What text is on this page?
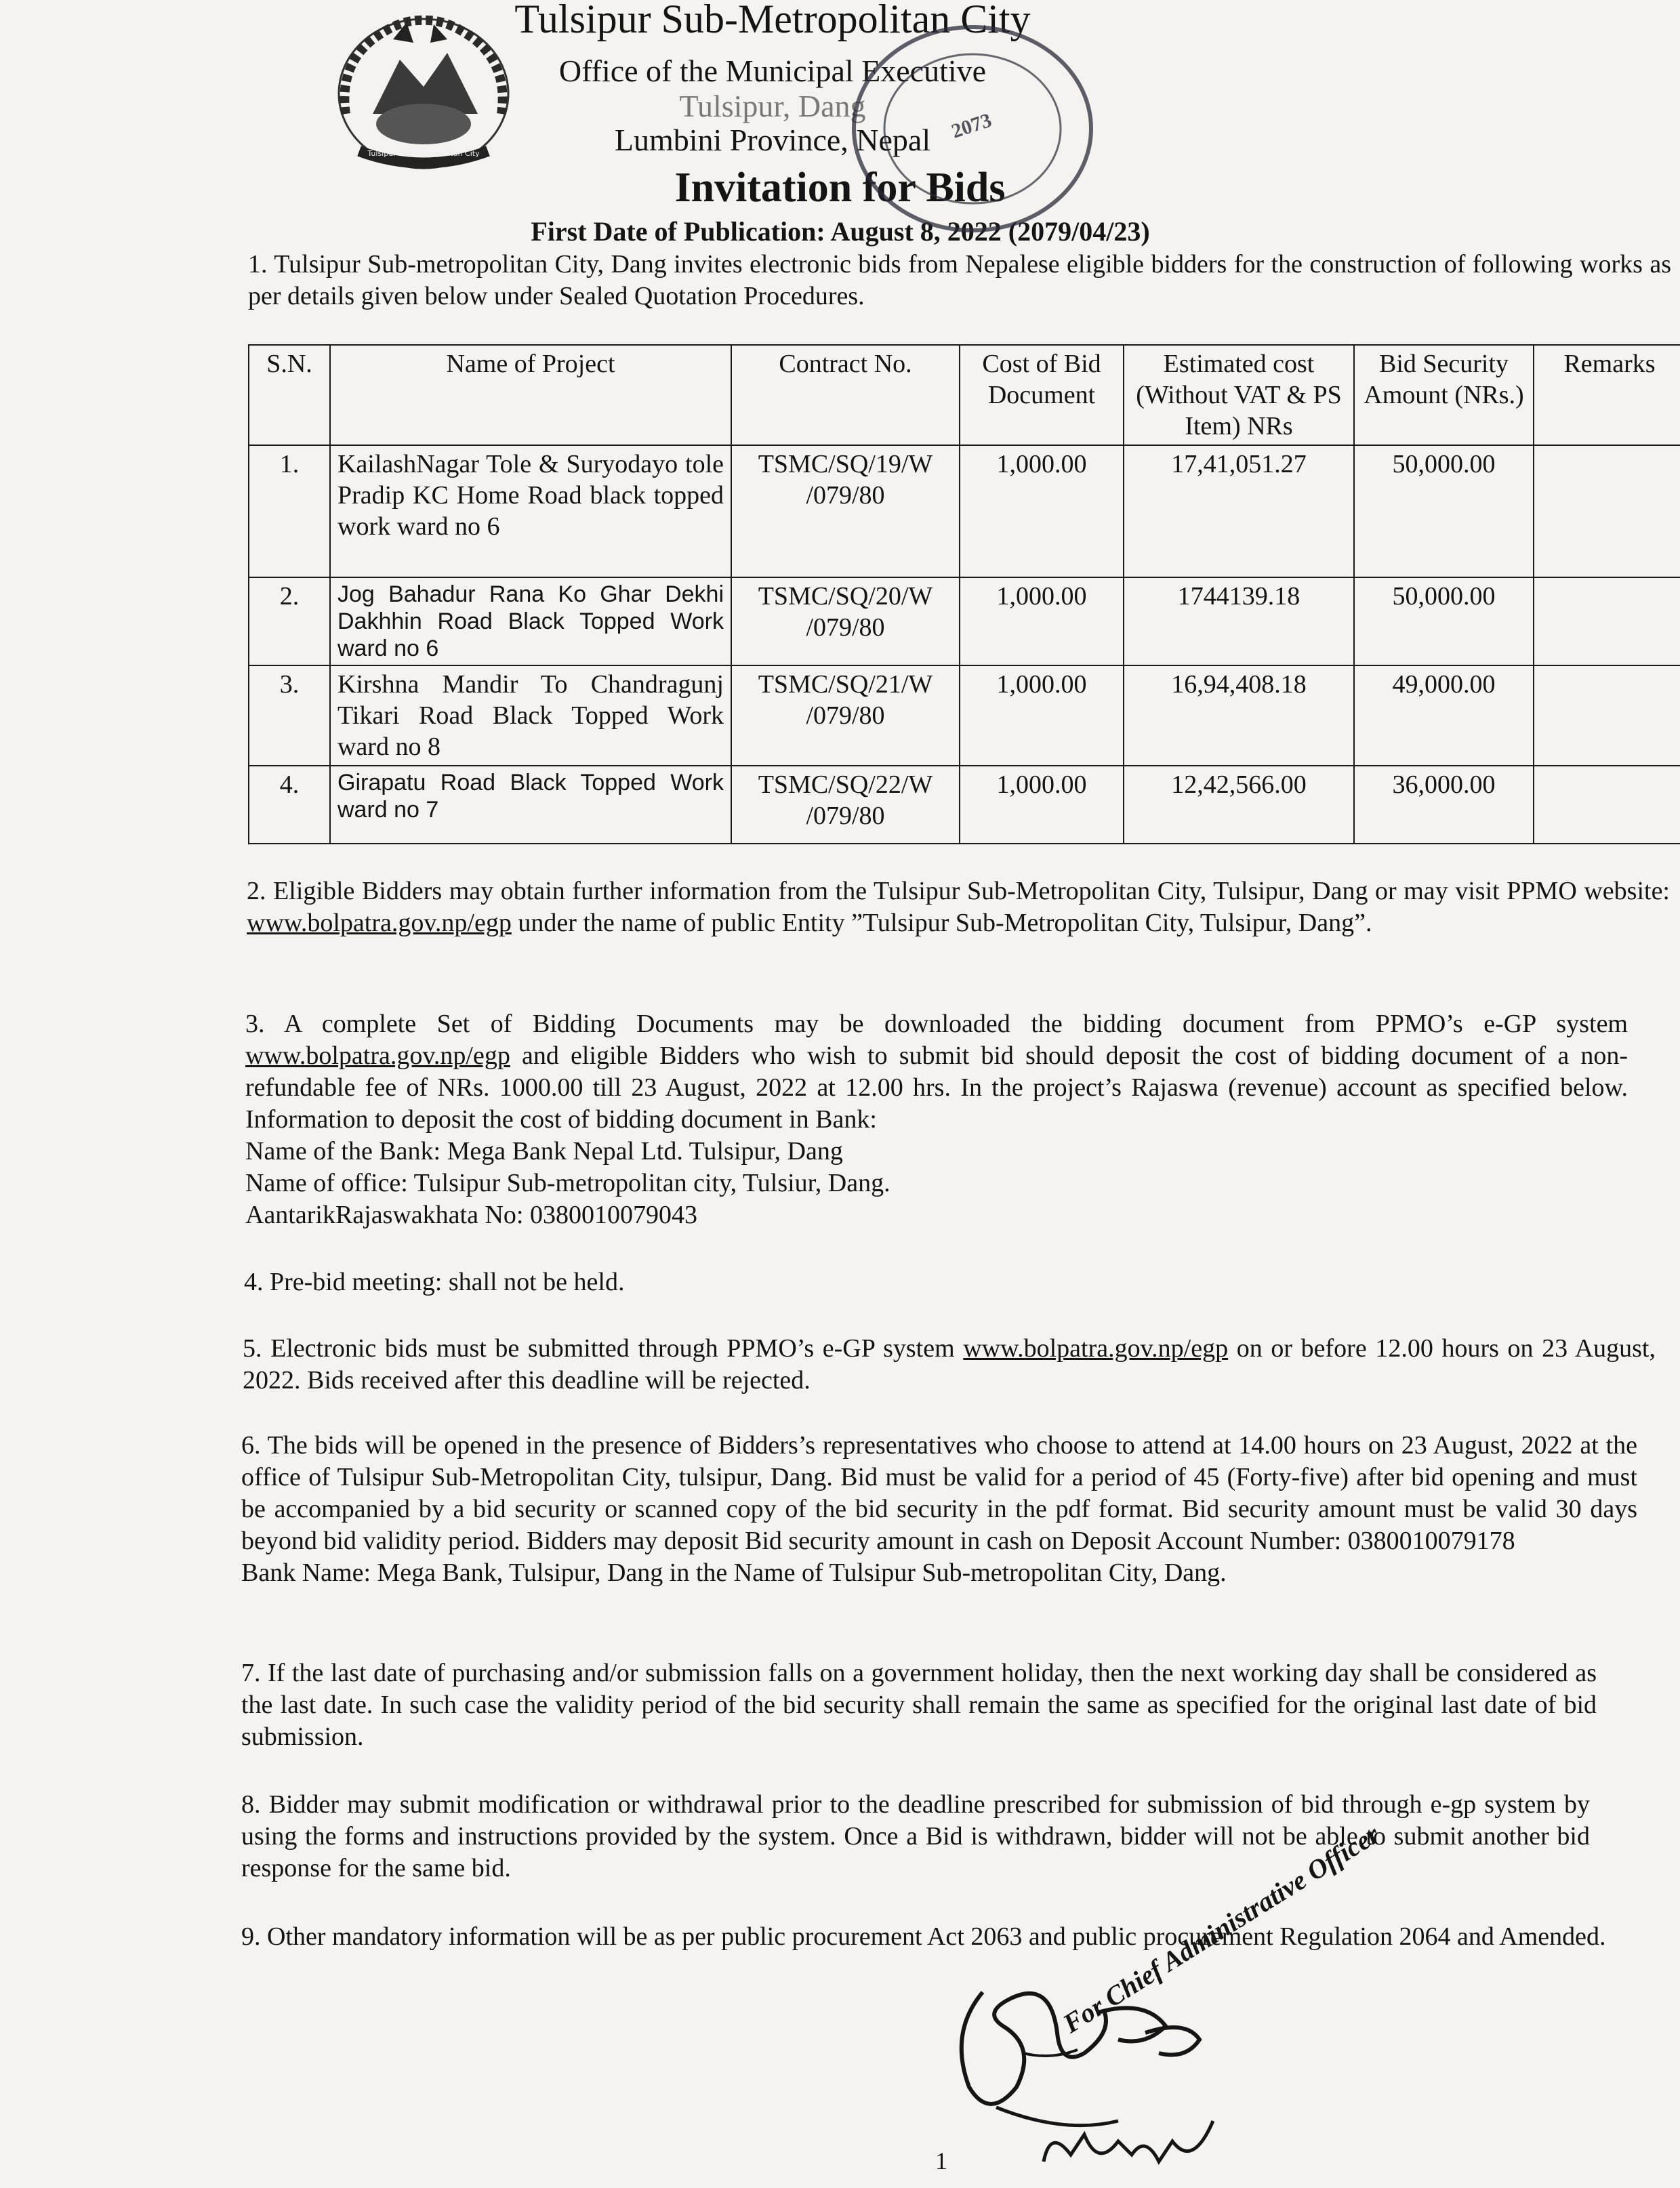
Tulsipur Sub-Metropolitan City
Tulsipur Sub-Metropolitan City
Office of the Municipal Executive
Tulsipur, Dang
Lumbini Province, Nepal
Invitation for Bids
First Date of Publication: August 8, 2022 (2079/04/23)
2073
1. Tulsipur Sub-metropolitan City, Dang invites electronic bids from Nepalese eligible bidders for the construction of following works as per details given below under Sealed Quotation Procedures.
S.N.	Name of Project	Contract No.	Cost of Bid Document	Estimated cost (Without VAT & PS Item) NRs	Bid Security Amount (NRs.)	Remarks
1.	KailashNagar Tole & Suryodayo tole Pradip KC Home Road black topped work ward no 6	TSMC/SQ/19/W /079/80	1,000.00	17,41,051.27	50,000.00	
2.	Jog Bahadur Rana Ko Ghar Dekhi Dakhhin Road Black Topped Work ward no 6	TSMC/SQ/20/W /079/80	1,000.00	1744139.18	50,000.00	
3.	Kirshna Mandir To Chandragunj Tikari Road Black Topped Work ward no 8	TSMC/SQ/21/W /079/80	1,000.00	16,94,408.18	49,000.00	
4.	Girapatu Road Black Topped Work ward no 7	TSMC/SQ/22/W /079/80	1,000.00	12,42,566.00	36,000.00	
2. Eligible Bidders may obtain further information from the Tulsipur Sub-Metropolitan City, Tulsipur, Dang or may visit PPMO website: www.bolpatra.gov.np/egp under the name of public Entity ”Tulsipur Sub-Metropolitan City, Tulsipur, Dang”.

3. A complete Set of Bidding Documents may be downloaded the bidding document from PPMO’s e-GP system www.bolpatra.gov.np/egp and eligible Bidders who wish to submit bid should deposit the cost of bidding document of a non-refundable fee of NRs. 1000.00 till 23 August, 2022 at 12.00 hrs. In the project’s Rajaswa (revenue) account as specified below. Information to deposit the cost of bidding document in Bank:

Name of the Bank: Mega Bank Nepal Ltd. Tulsipur, Dang

Name of office: Tulsipur Sub-metropolitan city, Tulsiur, Dang.

AantarikRajaswakhata No: 0380010079043

4. Pre-bid meeting: shall not be held.
5. Electronic bids must be submitted through PPMO’s e-GP system www.bolpatra.gov.np/egp on or before 12.00 hours on 23 August, 2022. Bids received after this deadline will be rejected.

6. The bids will be opened in the presence of Bidders’s representatives who choose to attend at 14.00 hours on 23 August, 2022 at the office of Tulsipur Sub-Metropolitan City, tulsipur, Dang. Bid must be valid for a period of 45 (Forty-five) after bid opening and must be accompanied by a bid security or scanned copy of the bid security in the pdf format. Bid security amount must be valid 30 days beyond bid validity period. Bidders may deposit Bid security amount in cash on Deposit Account Number: 0380010079178

Bank Name: Mega Bank, Tulsipur, Dang in the Name of Tulsipur Sub-metropolitan City, Dang.

7. If the last date of purchasing and/or submission falls on a government holiday, then the next working day shall be considered as the last date. In such case the validity period of the bid security shall remain the same as specified for the original last date of bid submission.
8. Bidder may submit modification or withdrawal prior to the deadline prescribed for submission of bid through e-gp system by using the forms and instructions provided by the system. Once a Bid is withdrawn, bidder will not be able to submit another bid response for the same bid.
9. Other mandatory information will be as per public procurement Act 2063 and public procurement Regulation 2064 and Amended.
For Chief Administrative Officer
1
